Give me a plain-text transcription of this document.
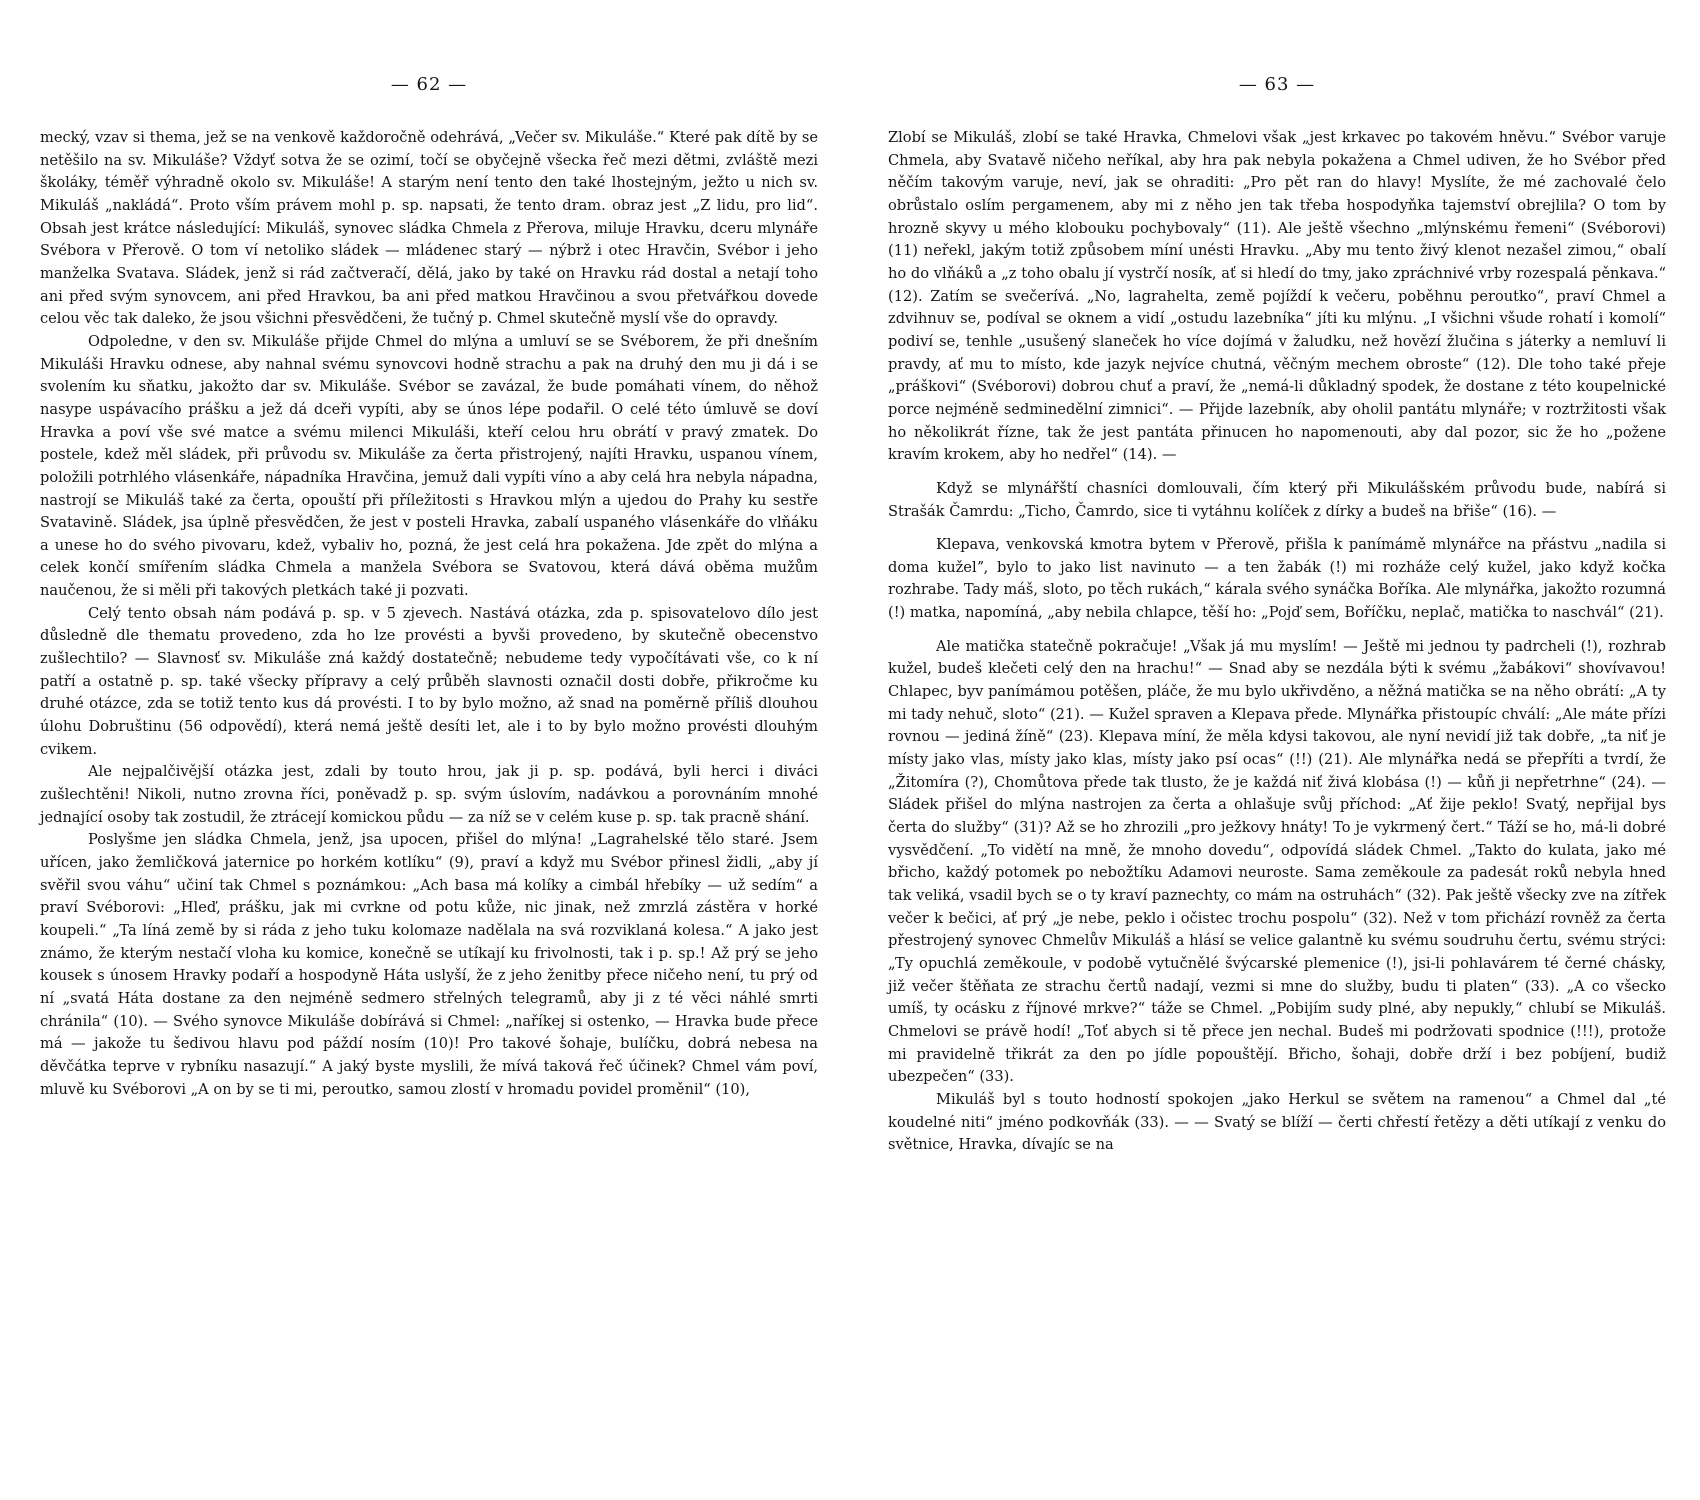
— 62 —

mecký, vzav si thema, jež se na venkově každoročně odehrává, „Večer sv. Mikuláše.“ Které pak dítě by se netěšilo na sv. Mikuláše? Vždyť sotva že se ozimí, točí se obyčejně všecka řeč mezi dětmi, zvláště mezi školáky, téměř výhradně okolo sv. Mikuláše! A starým není tento den také lhostejným, ježto u nich sv. Mikuláš „nakládá“. Proto vším právem mohl p. sp. napsati, že tento dram. obraz jest „Z lidu, pro lid“. Obsah jest krátce následující: Mikuláš, synovec sládka Chmela z Přerova, miluje Hravku, dceru mlynáře Svébora v Přerově. O tom ví netoliko sládek — mládenec starý — nýbrž i otec Hravčin, Svébor i jeho manželka Svatava. Sládek, jenž si rád začtveračí, dělá, jako by také on Hravku rád dostal a netají toho ani před svým synovcem, ani před Hravkou, ba ani před matkou Hravčinou a svou přetvářkou dovede celou věc tak daleko, že jsou všichni přesvědčeni, že tučný p. Chmel skutečně myslí vše do opravdy.

Odpoledne, v den sv. Mikuláše přijde Chmel do mlýna a umluví se se Svéborem, že při dnešním Mikuláši Hravku odnese, aby nahnal svému synovcovi hodně strachu a pak na druhý den mu ji dá i se svolením ku sňatku, jakožto dar sv. Mikuláše. Svébor se zavázal, že bude pomáhati vínem, do něhož nasype uspávacího prášku a jež dá dceři vypíti, aby se únos lépe podařil. O celé této úmluvě se doví Hravka a poví vše své matce a svému milenci Mikuláši, kteří celou hru obrátí v pravý zmatek. Do postele, kdež měl sládek, při průvodu sv. Mikuláše za čerta přistrojený, najíti Hravku, uspanou vínem, položili potrhlého vlásenkáře, nápadníka Hravčina, jemuž dali vypíti víno a aby celá hra nebyla nápadna, nastrojí se Mikuláš také za čerta, opouští při příležitosti s Hravkou mlýn a ujedou do Prahy ku sestře Svatavině. Sládek, jsa úplně přesvědčen, že jest v posteli Hravka, zabalí uspaného vlásenkáře do vlňáku a unese ho do svého pivovaru, kdež, vybaliv ho, pozná, že jest celá hra pokažena. Jde zpět do mlýna a celek končí smířením sládka Chmela a manžela Svébora se Svatovou, která dává oběma mužům naučenou, že si měli při takových pletkách také ji pozvati.

Celý tento obsah nám podává p. sp. v 5 zjevech. Nastává otázka, zda p. spisovatelovo dílo jest důsledně dle thematu provedeno, zda ho lze provésti a byvši provedeno, by skutečně obecenstvo zušlechtilo? — Slavnosť sv. Mikuláše zná každý dostatečně; nebudeme tedy vypočítávati vše, co k ní patří a ostatně p. sp. také všecky přípravy a celý průběh slavnosti označil dosti dobře, přikročme ku druhé otázce, zda se totiž tento kus dá provésti. I to by bylo možno, až snad na poměrně příliš dlouhou úlohu Dobruštinu (56 odpovědí), která nemá ještě desíti let, ale i to by bylo možno provésti dlouhým cvikem.

Ale nejpalčivější otázka jest, zdali by touto hrou, jak ji p. sp. podává, byli herci i diváci zušlechtěni! Nikoli, nutno zrovna říci, poněvadž p. sp. svým úslovím, nadávkou a porovnáním mnohé jednající osoby tak zostudil, že ztrácejí komickou půdu — za níž se v celém kuse p. sp. tak pracně shání.

Poslyšme jen sládka Chmela, jenž, jsa upocen, přišel do mlýna! „Lagrahelské tělo staré. Jsem uřícen, jako žemličková jaternice po horkém kotlíku“ (9), praví a když mu Svébor přinesl židli, „aby jí svěřil svou váhu“ učiní tak Chmel s poznámkou: „Ach basa má kolíky a cimbál hřebíky — už sedím“ a praví Svéborovi: „Hleď, prášku, jak mi cvrkne od potu kůže, nic jinak, než zmrzlá zástěra v horké koupeli.“ „Ta líná země by si ráda z jeho tuku kolomaze nadělala na svá rozviklaná kolesa.“ A jako jest známo, že kterým nestačí vloha ku komice, konečně se utíkají ku frivolnosti, tak i p. sp.! Až prý se jeho kousek s únosem Hravky podaří a hospodyně Háta uslyší, že z jeho ženitby přece ničeho není, tu prý od ní „svatá Háta dostane za den nejméně sedmero střelných telegramů, aby ji z té věci náhlé smrti chránila“ (10). — Svého synovce Mikuláše dobírává si Chmel: „naříkej si ostenko, — Hravka bude přece má — jakože tu šedivou hlavu pod páždí nosím (10)! Pro takové šohaje, bulíčku, dobrá nebesa na děvčátka teprve v rybníku nasazují.“ A jaký byste myslili, že mívá taková řeč účinek? Chmel vám poví, mluvě ku Svéborovi „A on by se ti mi, peroutko, samou zlostí v hromadu povidel proměnil“ (10),

— 63 —

Zlobí se Mikuláš, zlobí se také Hravka, Chmelovi však „jest krkavec po takovém hněvu.“ Svébor varuje Chmela, aby Svatavě ničeho neříkal, aby hra pak nebyla pokažena a Chmel udiven, že ho Svébor před něčím takovým varuje, neví, jak se ohraditi: „Pro pět ran do hlavy! Myslíte, že mé zachovalé čelo obrůstalo oslím pergamenem, aby mi z něho jen tak třeba hospodyňka tajemství obrejlila? O tom by hrozně skyvy u mého klobouku pochybovaly“ (11). Ale ještě všechno „mlýnskému řemeni“ (Svéborovi) (11) neřekl, jakým totiž způsobem míní unésti Hravku. „Aby mu tento živý klenot nezašel zimou,“ obalí ho do vlňáků a „z toho obalu jí vystrčí nosík, ať si hledí do tmy, jako zpráchnivé vrby rozespalá pěnkava.“ (12). Zatím se svečerívá. „No, lagrahelta, země pojíždí k večeru, poběhnu peroutko“, praví Chmel a zdvihnuv se, podíval se oknem a vidí „ostudu lazebníka“ jíti ku mlýnu. „I všichni všude rohatí i komolí“ podiví se, tenhle „usušený slaneček ho více dojímá v žaludku, než hovězí žlučina s játerky a nemluví li pravdy, ať mu to místo, kde jazyk nejvíce chutná, věčným mechem obroste“ (12). Dle toho také přeje „práškovi“ (Svéborovi) dobrou chuť a praví, že „nemá-li důkladný spodek, že dostane z této koupelnické porce nejméně sedminedělní zimnici“. — Přijde lazebník, aby oholil pantátu mlynáře; v roztržitosti však ho několikrát řízne, tak že jest pantáta přinucen ho napomenouti, aby dal pozor, sic že ho „požene kravím krokem, aby ho nedřel“ (14). —

Když se mlynářští chasníci domlouvali, čím který při Mikulášském průvodu bude, nabírá si Strašák Čamrdu: „Ticho, Čamrdo, sice ti vytáhnu kolíček z dírky a budeš na břiše“ (16). —

Klepava, venkovská kmotra bytem v Přerově, přišla k panímámě mlynářce na přástvu „nadila si doma kuželˮ, bylo to jako list navinuto — a ten žabák (!) mi rozháže celý kužel, jako když kočka rozhrabe. Tady máš, sloto, po těch rukách,“ kárala svého synáčka Boříka. Ale mlynářka, jakožto rozumná (!) matka, napomíná, „aby nebila chlapce, těší ho: „Pojď sem, Boříčku, neplač, matička to naschvál“ (21).

Ale matička statečně pokračuje! „Však já mu myslím! — Ještě mi jednou ty padrcheli (!), rozhrab kužel, budeš klečeti celý den na hrachu!“ — Snad aby se nezdála býti k svému „žabákovi“ shovívavou! Chlapec, byv panímámou potěšen, pláče, že mu bylo ukřivděno, a něžná matička se na něho obrátí: „A ty mi tady nehuč, sloto“ (21). — Kužel spraven a Klepava přede. Mlynářka přistoupíc chválí: „Ale máte přízi rovnou — jediná žíně“ (23). Klepava míní, že měla kdysi takovou, ale nyní nevidí již tak dobře, „ta niť je místy jako vlas, místy jako klas, místy jako psí ocas“ (!!) (21). Ale mlynářka nedá se přepříti a tvrdí, že „Žitomíra (?), Chomůtova přede tak tlusto, že je každá niť živá klobása (!) — kůň ji nepřetrhne“ (24). — Sládek přišel do mlýna nastrojen za čerta a ohlašuje svůj příchod: „Ať žije peklo! Svatý, nepřijal bys čerta do služby“ (31)? Až se ho zhrozili „pro ježkovy hnáty! To je vykrmený čert.“ Táží se ho, má-li dobré vysvědčení. „To vidětí na mně, že mnoho dovedu“, odpovídá sládek Chmel. „Takto do kulata, jako mé břicho, každý potomek po nebožtíku Adamovi neuroste. Sama zeměkoule za padesát roků nebyla hned tak veliká, vsadil bych se o ty kraví paznechty, co mám na ostruhách“ (32). Pak ještě všecky zve na zítřek večer k bečici, ať prý „je nebe, peklo i očistec trochu pospolu“ (32). Než v tom přichází rovněž za čerta přestrojený synovec Chmelův Mikuláš a hlásí se velice galantně ku svému soudruhu čertu, svému strýci: „Ty opuchlá zeměkoule, v podobě vytučnělé švýcarské plemenice (!), jsi-li pohlavárem té černé chásky, již večer štěňata ze strachu čertů nadají, vezmi si mne do služby, budu ti platen“ (33). „A co všecko umíš, ty ocásku z říjnové mrkve?“ táže se Chmel. „Pobijím sudy plné, aby nepukly,“ chlubí se Mikuláš. Chmelovi se právě hodí! „Toť abych si tě přece jen nechal. Budeš mi podržovati spodnice (!!!), protože mi pravidelně třikrát za den po jídle popouštějí. Břicho, šohaji, dobře drží i bez pobíjení, budiž ubezpečen“ (33).

Mikuláš byl s touto hodností spokojen „jako Herkul se světem na ramenou“ a Chmel dal „té koudelné niti“ jméno podkovňák (33). — — Svatý se blíží — čerti chřestí řetězy a děti utíkají z venku do světnice, Hravka, dívajíc se na
